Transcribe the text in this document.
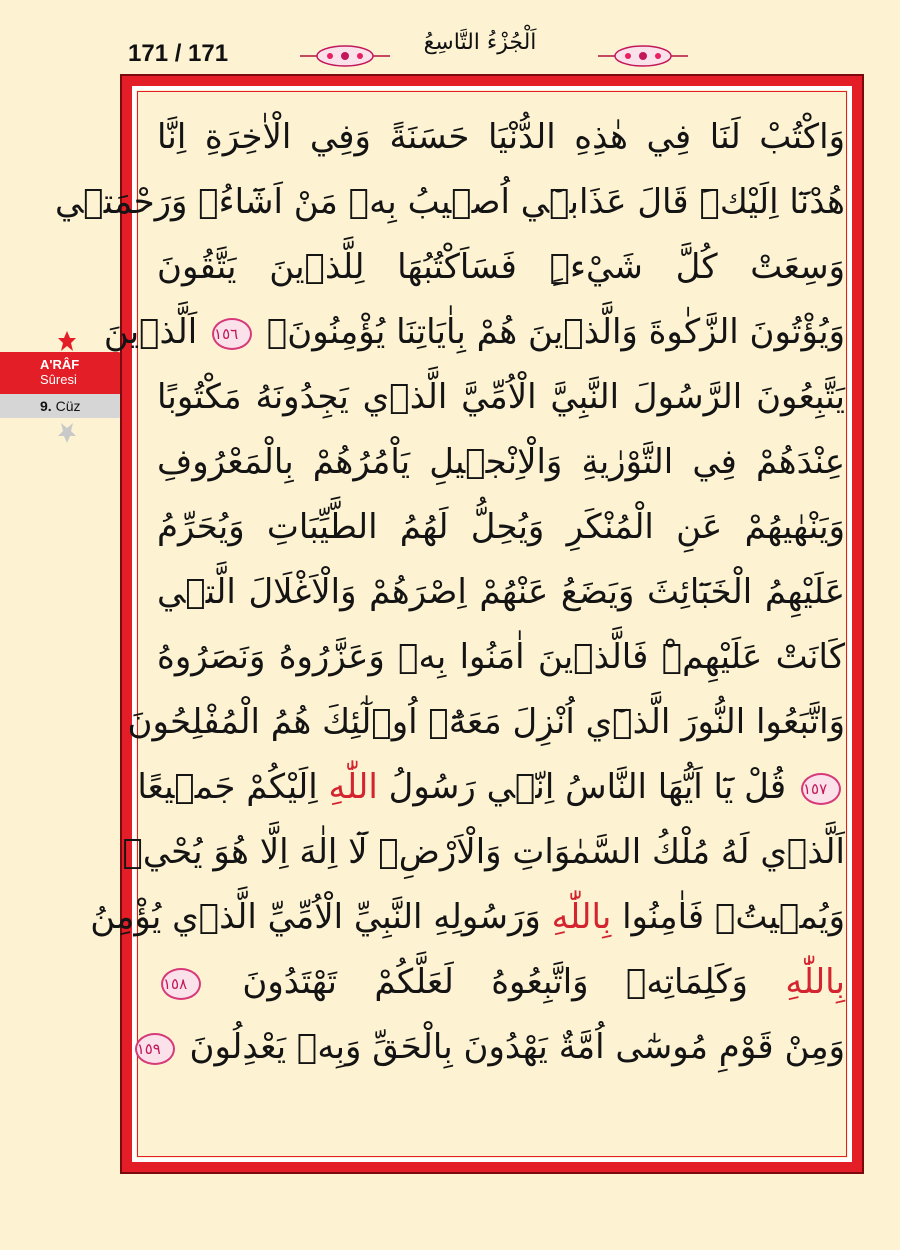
171 / 171	اَلْجُزْءُ التَّاسِعُ
A'RÂF
Sûresi
9. Cüz
وَاكْتُبْ لَنَا فِي هٰذِهِ الدُّنْيَا حَسَنَةً وَفِي الْاٰخِرَةِ اِنَّا
هُدْنَٓا اِلَيْكَۜ قَالَ عَذَابٖٓي اُصٖيبُ بِهٖ مَنْ اَشَٓاءُۚ وَرَحْمَتٖي
وَسِعَتْ كُلَّ شَيْءٍۜ فَسَاَكْتُبُهَا لِلَّذٖينَ يَتَّقُونَ
وَيُؤْتُونَ الزَّكٰوةَ وَالَّذٖينَ هُمْ بِاٰيَاتِنَا يُؤْمِنُونَۚ ١٥٦ اَلَّذٖينَ
يَتَّبِعُونَ الرَّسُولَ النَّبِيَّ الْاُمِّيَّ الَّذٖي يَجِدُونَهُ مَكْتُوبًا
عِنْدَهُمْ فِي التَّوْرٰيةِ وَالْاِنْجٖيلِ يَاْمُرُهُمْ بِالْمَعْرُوفِ
وَيَنْهٰيهُمْ عَنِ الْمُنْكَرِ وَيُحِلُّ لَهُمُ الطَّيِّبَاتِ وَيُحَرِّمُ
عَلَيْهِمُ الْخَبَٓائِثَ وَيَضَعُ عَنْهُمْ اِصْرَهُمْ وَالْاَغْلَالَ الَّتٖي
كَانَتْ عَلَيْهِمْۜ فَالَّذٖينَ اٰمَنُوا بِهٖ وَعَزَّرُوهُ وَنَصَرُوهُ
وَاتَّبَعُوا النُّورَ الَّذٖٓي اُنْزِلَ مَعَهُٓۙ اُو۬لٰٓئِكَ هُمُ الْمُفْلِحُونَ
١٥٧ قُلْ يَٓا اَيُّهَا النَّاسُ اِنّٖي رَسُولُ اللّٰهِ اِلَيْكُمْ جَمٖيعًا
اَلَّذٖي لَهُ مُلْكُ السَّمٰوَاتِ وَالْاَرْضِۚ لَٓا اِلٰهَ اِلَّا هُوَ يُحْيٖ
وَيُمٖيتُۖ فَاٰمِنُوا بِاللّٰهِ وَرَسُولِهِ النَّبِيِّ الْاُمِّيِّ الَّذٖي يُؤْمِنُ
بِاللّٰهِ وَكَلِمَاتِهٖ وَاتَّبِعُوهُ لَعَلَّكُمْ تَهْتَدُونَ ١٥٨
وَمِنْ قَوْمِ مُوسٰٓى اُمَّةٌ يَهْدُونَ بِالْحَقِّ وَبِهٖ يَعْدِلُونَ ١٥٩
